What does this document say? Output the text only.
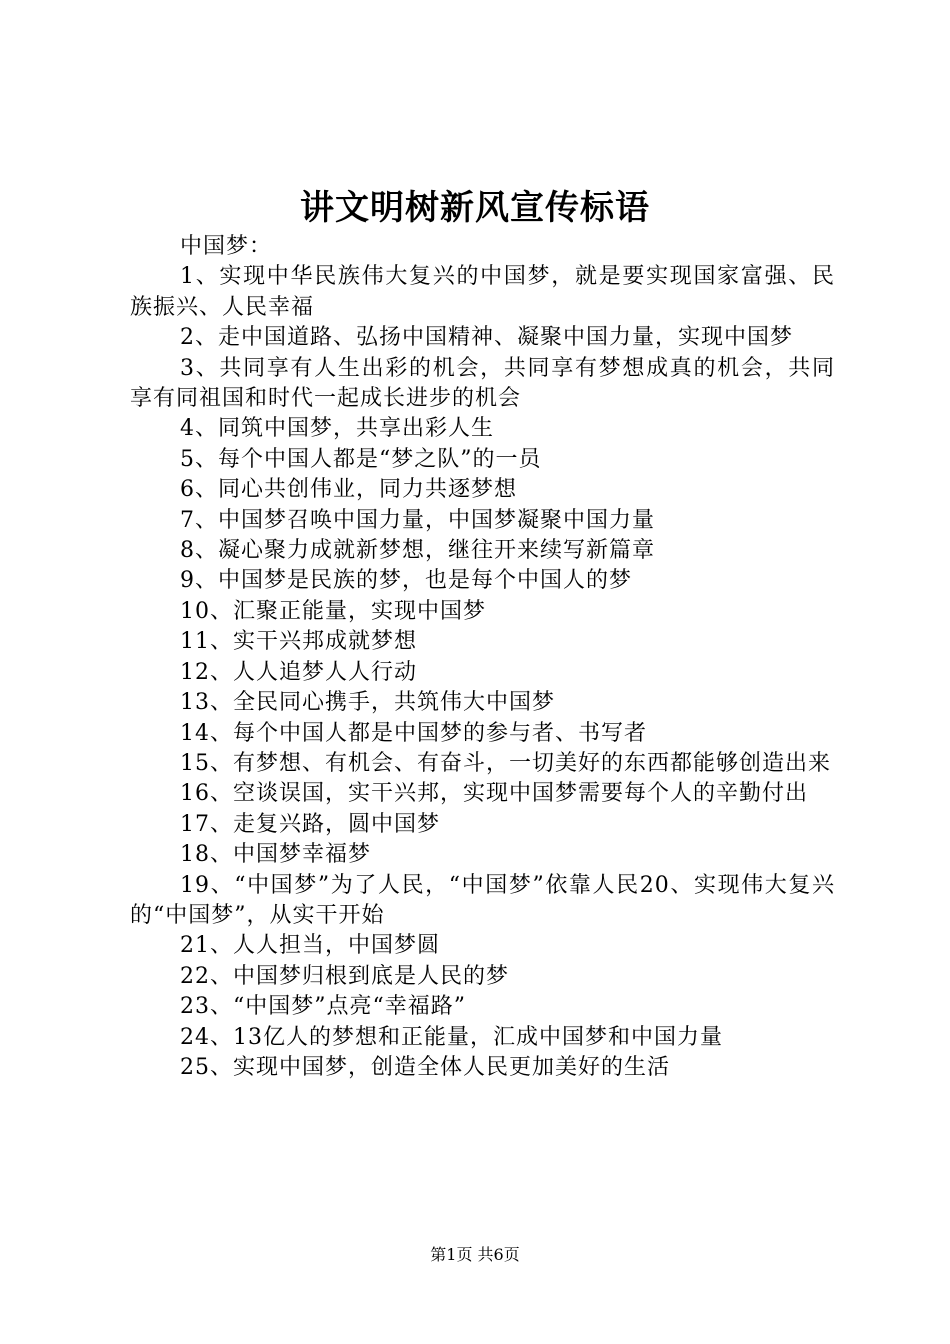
讲文明树新风宣传标语

中国梦：

1、实现中华民族伟大复兴的中国梦，就是要实现国家富强、民族振兴、人民幸福

2、走中国道路、弘扬中国精神、凝聚中国力量，实现中国梦

3、共同享有人生出彩的机会，共同享有梦想成真的机会，共同享有同祖国和时代一起成长进步的机会

4、同筑中国梦，共享出彩人生

5、每个中国人都是“梦之队”的一员

6、同心共创伟业，同力共逐梦想

7、中国梦召唤中国力量，中国梦凝聚中国力量

8、凝心聚力成就新梦想，继往开来续写新篇章

9、中国梦是民族的梦，也是每个中国人的梦

10、汇聚正能量，实现中国梦

11、实干兴邦成就梦想

12、人人追梦人人行动

13、全民同心携手，共筑伟大中国梦

14、每个中国人都是中国梦的参与者、书写者

15、有梦想、有机会、有奋斗，一切美好的东西都能够创造出来

16、空谈误国，实干兴邦，实现中国梦需要每个人的辛勤付出

17、走复兴路，圆中国梦

18、中国梦幸福梦

19、“中国梦”为了人民，“中国梦”依靠人民20、实现伟大复兴的“中国梦”，从实干开始

21、人人担当，中国梦圆

22、中国梦归根到底是人民的梦

23、“中国梦”点亮“幸福路”

24、13亿人的梦想和正能量，汇成中国梦和中国力量

25、实现中国梦，创造全体人民更加美好的生活

第1页 共6页
